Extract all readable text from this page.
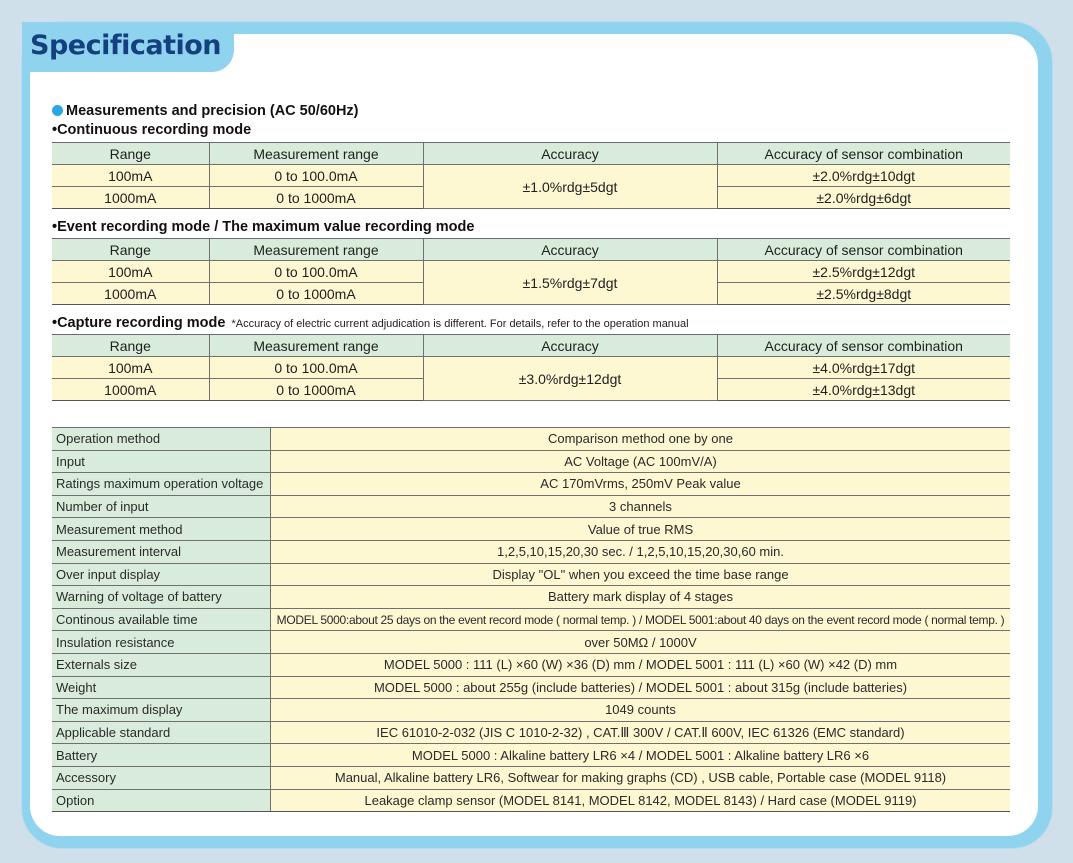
Specification
Measurements and precision (AC 50/60Hz)
•Continuous recording mode
Range	Measurement range	Accuracy	Accuracy of sensor combination
100mA	0 to 100.0mA	±1.0%rdg±5dgt	±2.0%rdg±10dgt
1000mA	0 to 1000mA		±2.0%rdg±6dgt
•Event recording mode / The maximum value recording mode
Range	Measurement range	Accuracy	Accuracy of sensor combination
100mA	0 to 100.0mA	±1.5%rdg±7dgt	±2.5%rdg±12dgt
1000mA	0 to 1000mA		±2.5%rdg±8dgt
•Capture recording mode *Accuracy of electric current adjudication is different. For details, refer to the operation manual
Range	Measurement range	Accuracy	Accuracy of sensor combination
100mA	0 to 100.0mA	±3.0%rdg±12dgt	±4.0%rdg±17dgt
1000mA	0 to 1000mA		±4.0%rdg±13dgt
Operation method	Comparison method one by one
Input	AC Voltage (AC 100mV/A)
Ratings maximum operation voltage	AC 170mVrms, 250mV Peak value
Number of input	3 channels
Measurement method	Value of true RMS
Measurement interval	1,2,5,10,15,20,30 sec. / 1,2,5,10,15,20,30,60 min.
Over input display	Display "OL" when you exceed the time base range
Warning of voltage of battery	Battery mark display of 4 stages
Continous available time	MODEL 5000:about 25 days on the event record mode ( normal temp. ) / MODEL 5001:about 40 days on the event record mode ( normal temp. )
Insulation resistance	over 50MΩ / 1000V
Externals size	MODEL 5000 : 111 (L) ×60 (W) ×36 (D) mm / MODEL 5001 : 111 (L) ×60 (W) ×42 (D) mm
Weight	MODEL 5000 : about 255g (include batteries) / MODEL 5001 : about 315g (include batteries)
The maximum display	1049 counts
Applicable standard	IEC 61010-2-032 (JIS C 1010-2-32) , CAT.Ⅲ 300V / CAT.Ⅱ 600V, IEC 61326 (EMC standard)
Battery	MODEL 5000 : Alkaline battery LR6 ×4 / MODEL 5001 : Alkaline battery LR6 ×6
Accessory	Manual, Alkaline battery LR6, Softwear for making graphs (CD) , USB cable, Portable case (MODEL 9118)
Option	Leakage clamp sensor (MODEL 8141, MODEL 8142, MODEL 8143) / Hard case (MODEL 9119)
